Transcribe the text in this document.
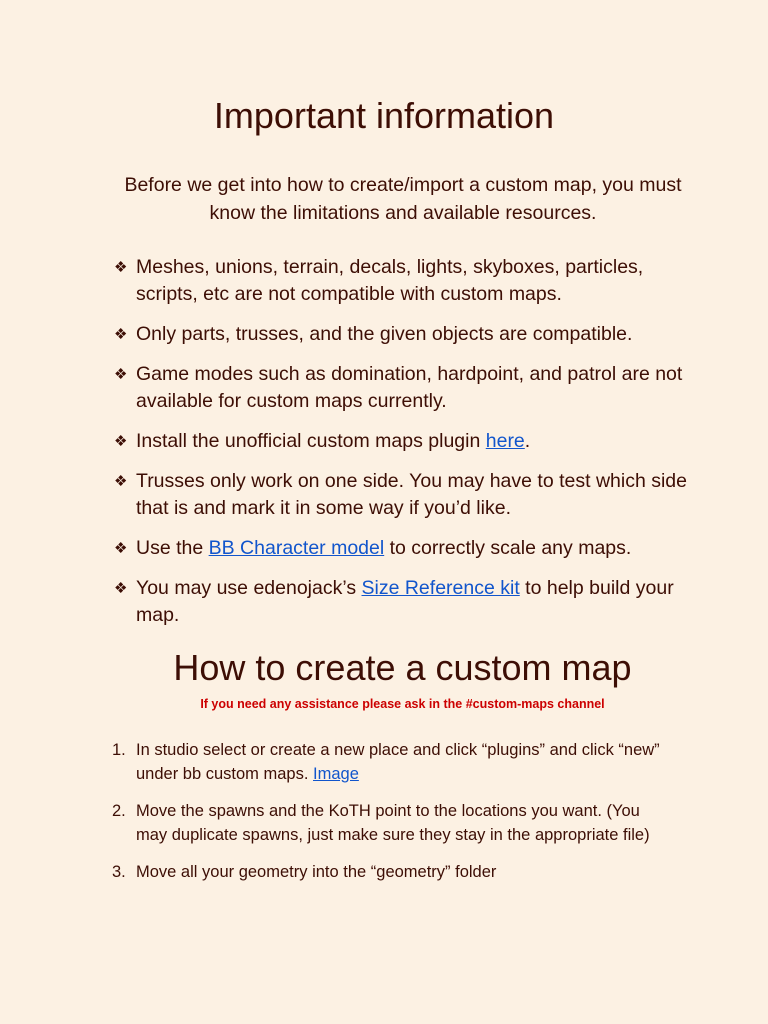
Important information

Before we get into how to create/import a custom map, you must know the limitations and available resources.

❖ Meshes, unions, terrain, decals, lights, skyboxes, particles, scripts, etc are not compatible with custom maps.
❖ Only parts, trusses, and the given objects are compatible.
❖ Game modes such as domination, hardpoint, and patrol are not available for custom maps currently.
❖ Install the unofficial custom maps plugin here.
❖ Trusses only work on one side. You may have to test which side that is and mark it in some way if you’d like.
❖ Use the BB Character model to correctly scale any maps.
❖ You may use edenojack’s Size Reference kit to help build your map.
How to create a custom map

If you need any assistance please ask in the #custom-maps channel

1. In studio select or create a new place and click “plugins” and click “new” under bb custom maps. Image
2. Move the spawns and the KoTH point to the locations you want. (You may duplicate spawns, just make sure they stay in the appropriate file)
3. Move all your geometry into the “geometry” folder
